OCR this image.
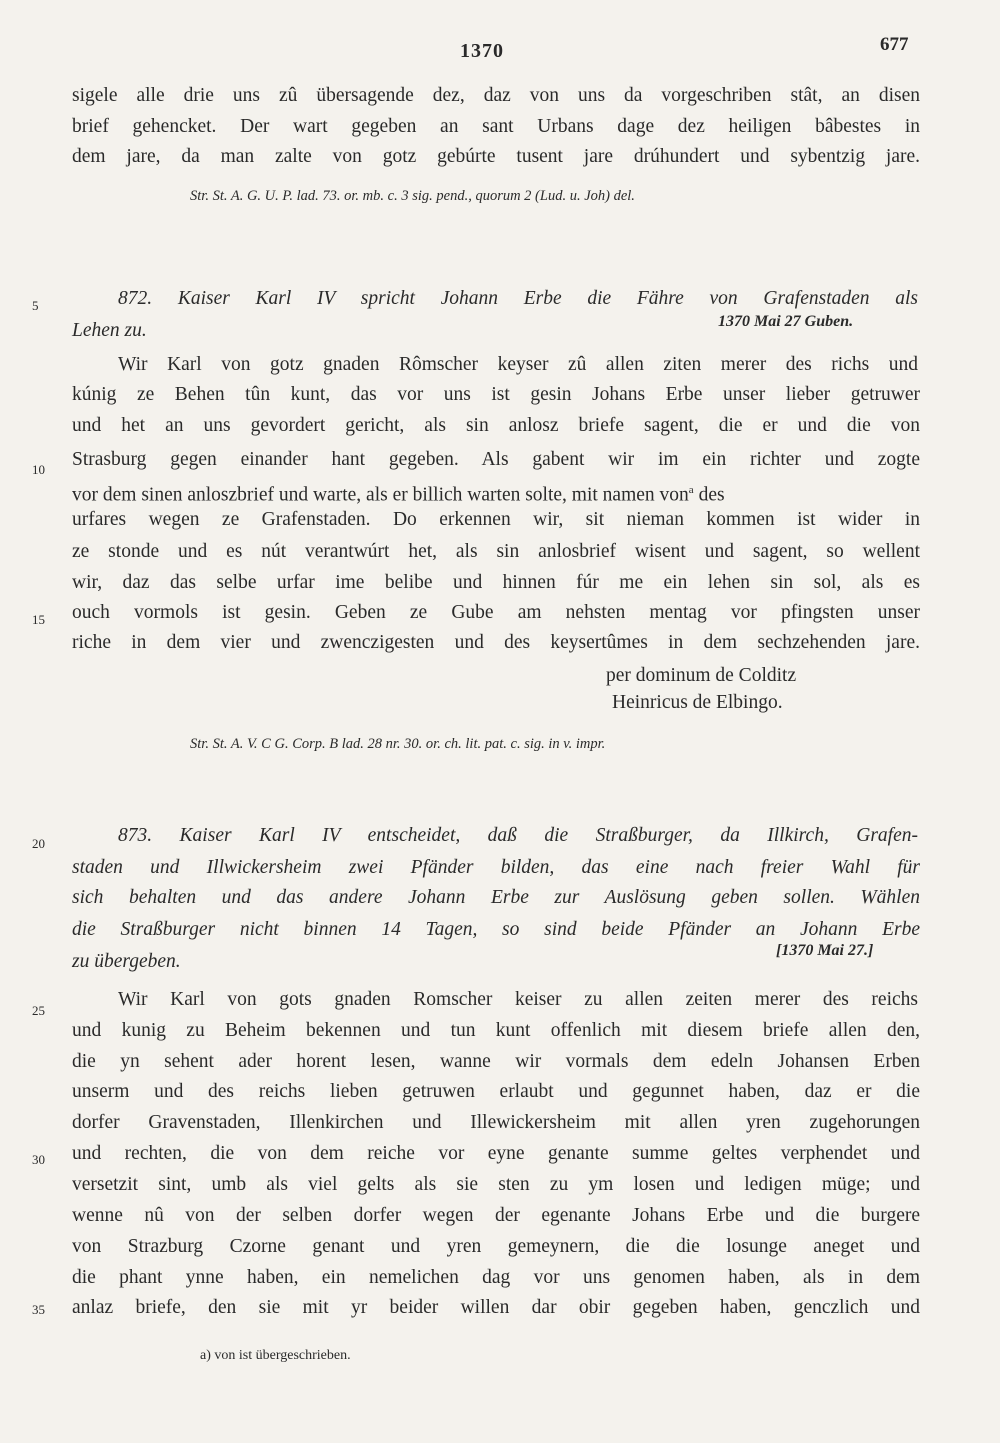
1370	677
sigele alle drie uns zû übersagende dez, daz von uns da vorgeschriben stât, an disen
brief gehencket. Der wart gegeben an sant Urbans dage dez heiligen bâbestes in
dem jare, da man zalte von gotz gebúrte tusent jare drúhundert und sybentzig jare.
Str. St. A. G. U. P. lad. 73. or. mb. c. 3 sig. pend., quorum 2 (Lud. u. Joh) del.
5	872. Kaiser Karl IV spricht Johann Erbe die Fähre von Grafenstaden als
Lehen zu.	1370 Mai 27 Guben.
Wir Karl von gotz gnaden Rômscher keyser zû allen ziten merer des richs und
kúnig ze Behen tûn kunt, das vor uns ist gesin Johans Erbe unser lieber getruwer
und het an uns gevordert gericht, als sin anlosz briefe sagent, die er und die von
10 Strasburg gegen einander hant gegeben. Als gabent wir im ein richter und zogte
vor dem sinen anloszbrief und warte, als er billich warten solte, mit namen von$^a$ des
urfares wegen ze Grafenstaden. Do erkennen wir, sit nieman kommen ist wider in
ze stonde und es nút verantwúrt het, als sin anlosbrief wisent und sagent, so wellent
wir, daz das selbe urfar ime belibe und hinnen fúr me ein lehen sin sol, als es
15 ouch vormols ist gesin. Geben ze Gube am nehsten mentag vor pfingsten unser
riche in dem vier und zwenczigesten und des keysertûmes in dem sechzehenden jare.
per dominum de Colditz
Heinricus de Elbingo.
Str. St. A. V. C G. Corp. B lad. 28 nr. 30. or. ch. lit. pat. c. sig. in v. impr.
20	873. Kaiser Karl IV entscheidet, daß die Straßburger, da Illkirch, Grafen-
staden und Illwickersheim zwei Pfänder bilden, das eine nach freier Wahl für
sich behalten und das andere Johann Erbe zur Auslösung geben sollen. Wählen
die Straßburger nicht binnen 14 Tagen, so sind beide Pfänder an Johann Erbe
zu übergeben.
[1370 Mai 27.]
25
Wir Karl von gots gnaden Romscher keiser zu allen zeiten merer des reichs
und kunig zu Beheim bekennen und tun kunt offenlich mit diesem briefe allen den,
die yn sehent ader horent lesen, wanne wir vormals dem edeln Johansen Erben
unserm und des reichs lieben getruwen erlaubt und gegunnet haben, daz er die
dorfer Gravenstaden, Illenkirchen und Illewickersheim mit allen yren zugehorungen
30 und rechten, die von dem reiche vor eyne genante summe geltes verphendet und
versetzit sint, umb als viel gelts als sie sten zu ym losen und ledigen müge; und
wenne nû von der selben dorfer wegen der egenante Johans Erbe und die burgere
von Strazburg Czorne genant und yren gemeynern, die die losunge aneget und
die phant ynne haben, ein nemelichen dag vor uns genomen haben, als in dem
35 anlaz briefe, den sie mit yr beider willen dar obir gegeben haben, genczlich und
a) von ist übergeschrieben.
